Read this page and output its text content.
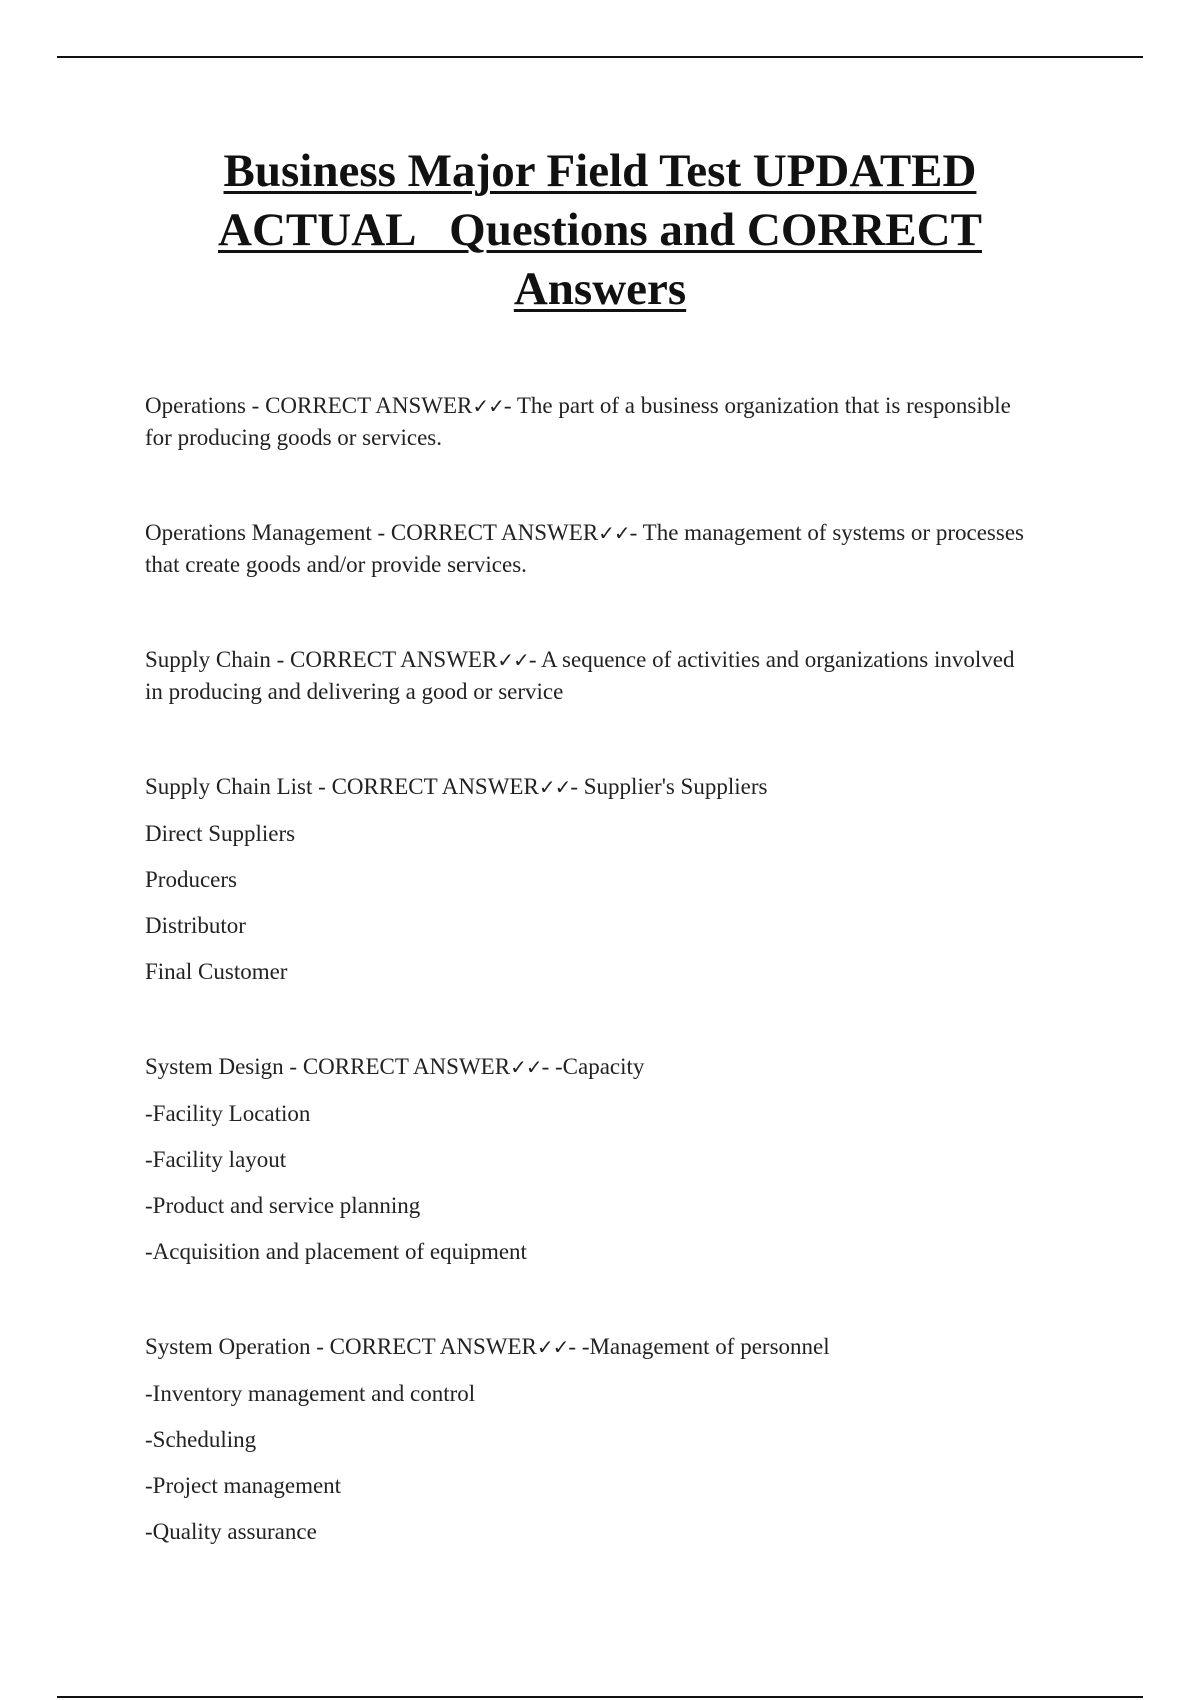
Business Major Field Test UPDATED
ACTUAL   Questions and CORRECT
Answers

Operations - CORRECT ANSWER✓✓- The part of a business organization that is responsible for producing goods or services.

Operations Management - CORRECT ANSWER✓✓- The management of systems or processes that create goods and/or provide services.

Supply Chain - CORRECT ANSWER✓✓- A sequence of activities and organizations involved in producing and delivering a good or service

Supply Chain List - CORRECT ANSWER✓✓- Supplier's Suppliers

Direct Suppliers

Producers

Distributor

Final Customer

System Design - CORRECT ANSWER✓✓- -Capacity

-Facility Location

-Facility layout

-Product and service planning

-Acquisition and placement of equipment

System Operation - CORRECT ANSWER✓✓- -Management of personnel

-Inventory management and control

-Scheduling

-Project management

-Quality assurance
